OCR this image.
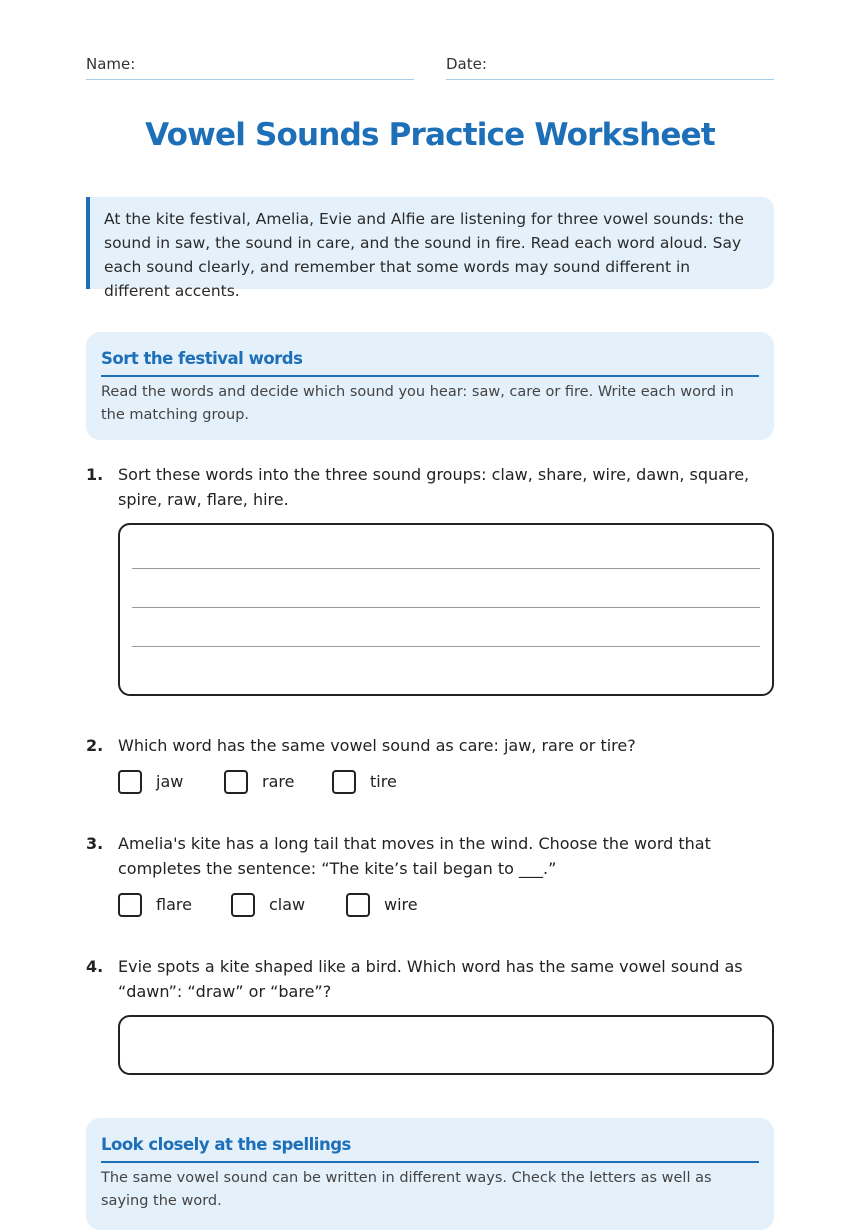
Name:	Date:
Vowel Sounds Practice Worksheet
At the kite festival, Amelia, Evie and Alfie are listening for three vowel sounds: the sound in saw, the sound in care, and the sound in fire. Read each word aloud. Say each sound clearly, and remember that some words may sound different in different accents.
Sort the festival words
Read the words and decide which sound you hear: saw, care or fire. Write each word in the matching group.
1. Sort these words into the three sound groups: claw, share, wire, dawn, square, spire, raw, flare, hire.
2. Which word has the same vowel sound as care: jaw, rare or tire?
jaw	rare	tire
3. Amelia's kite has a long tail that moves in the wind. Choose the word that completes the sentence: “The kite’s tail began to ___.”
flare	claw	wire
4. Evie spots a kite shaped like a bird. Which word has the same vowel sound as “dawn”: “draw” or “bare”?
Look closely at the spellings
The same vowel sound can be written in different ways. Check the letters as well as saying the word.
